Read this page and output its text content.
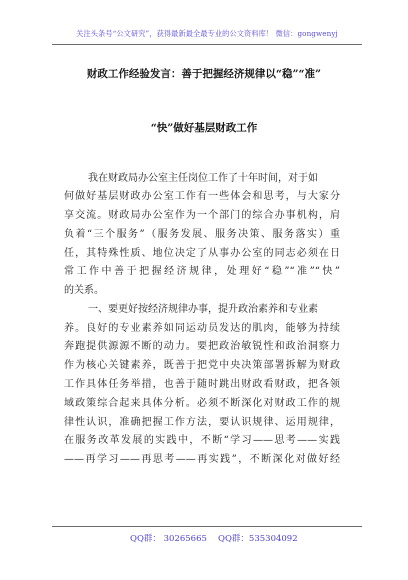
关注头条号“公文研究”，获得最新最全最专业的公文资料库！ 微信：gongwenyj
财政工作经验发言：善于把握经济规律以“稳”“准”
“快”做好基层财政工作
我在财政局办公室主任岗位工作了十年时间，对于如
何做好基层财政办公室工作有一些体会和思考，与大家分
享交流。财政局办公室作为一个部门的综合办事机构，肩
负着“三个服务”（服务发展、服务决策、服务落实）重
任，其特殊性质、地位决定了从事办公室的同志必须在日
常工作中善于把握经济规律，处理好“稳”“准”“快”
的关系。
一、要更好按经济规律办事，提升政治素养和专业素
养。良好的专业素养如同运动员发达的肌肉，能够为持续
奔跑提供源源不断的动力。要把政治敏锐性和政治洞察力
作为核心关键素养，既善于把党中央决策部署拆解为财政
工作具体任务举措，也善于随时跳出财政看财政，把各领
域政策综合起来具体分析。必须不断深化对财政工作的规
律性认识，准确把握工作方法，要认识规律、运用规律，
在服务改革发展的实践中，不断“学习——思考——实践
——再学习——再思考——再实践”，不断深化对做好经
QQ群： 30265665 QQ群：535304092
